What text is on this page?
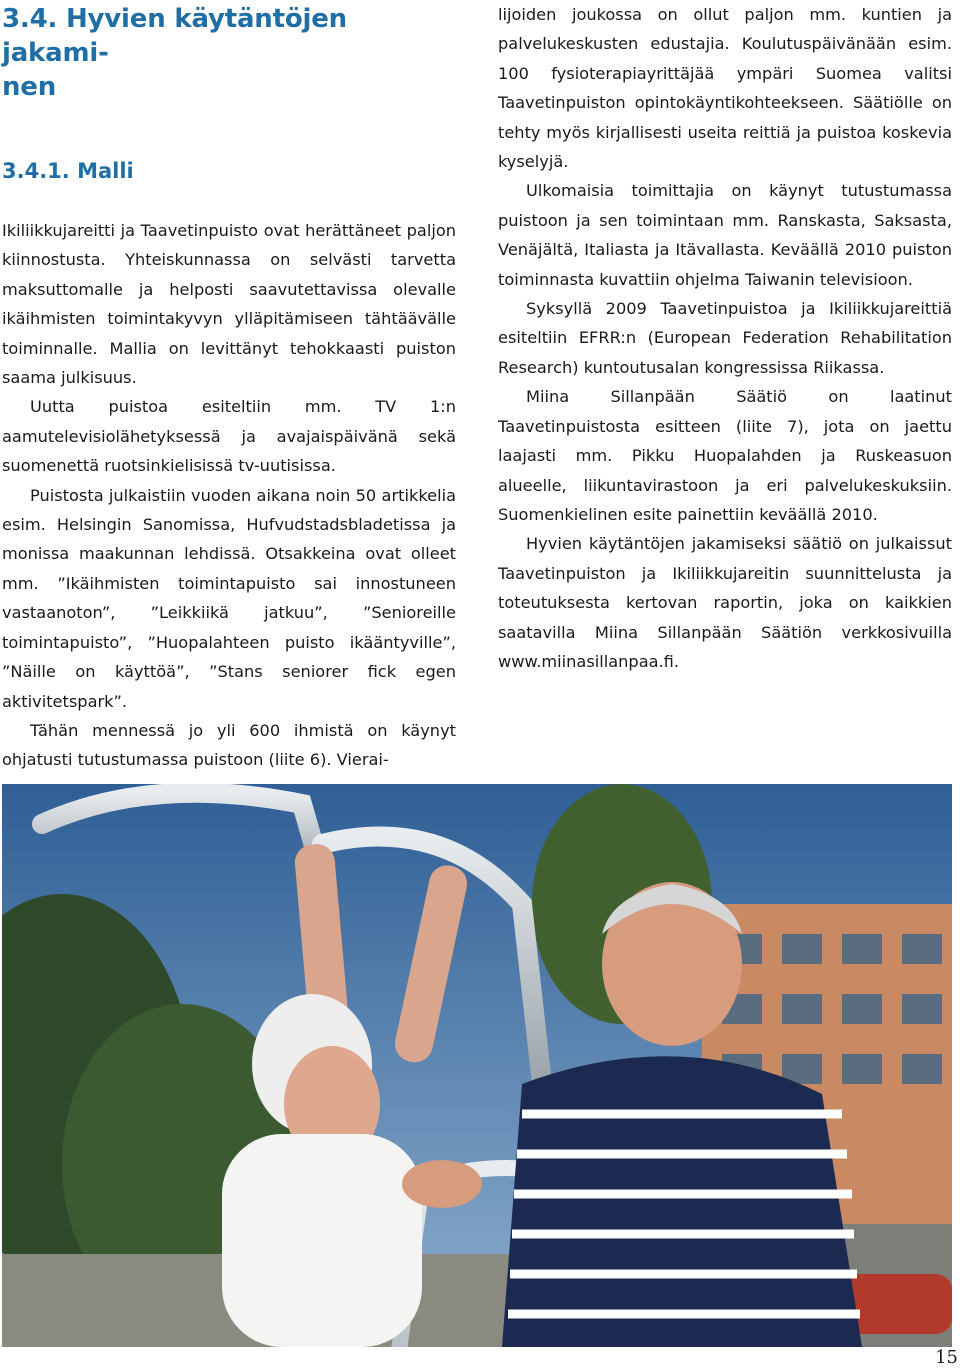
3.4. Hyvien käytäntöjen jakami-
nen
3.4.1. Malli

Ikiliikkujareitti ja Taavetinpuisto ovat herättäneet paljon kiinnostusta. Yhteiskunnassa on selvästi tarvetta maksuttomalle ja helposti saavutettavissa olevalle ikäihmisten toimintakyvyn ylläpitämiseen tähtäävälle toiminnalle. Mallia on levittänyt tehokkaasti puiston saama julkisuus.

Uutta puistoa esiteltiin mm. TV 1:n aamutelevisiolähetyksessä ja avajaispäivänä sekä suomenettä ruotsinkielisissä tv-uutisissa.

Puistosta julkaistiin vuoden aikana noin 50 artikkelia esim. Helsingin Sanomissa, Hufvudstadsbladetissa ja monissa maakunnan lehdissä. Otsakkeina ovat olleet mm. ”Ikäihmisten toimintapuisto sai innostuneen vastaanoton”, ”Leikkiikä jatkuu”, ”Senioreille toimintapuisto”, ”Huopalahteen puisto ikääntyville”, ”Näille on käyttöä”, ”Stans seniorer fick egen aktivitetspark”.

Tähän mennessä jo yli 600 ihmistä on käynyt ohjatusti tutustumassa puistoon (liite 6). Vierai-

lijoiden joukossa on ollut paljon mm. kuntien ja palvelukeskusten edustajia. Koulutuspäivänään esim. 100 fysioterapiayrittäjää ympäri Suomea valitsi Taavetinpuiston opintokäyntikohteekseen. Säätiölle on tehty myös kirjallisesti useita reittiä ja puistoa koskevia kyselyjä.

Ulkomaisia toimittajia on käynyt tutustumassa puistoon ja sen toimintaan mm. Ranskasta, Saksasta, Venäjältä, Italiasta ja Itävallasta. Keväällä 2010 puiston toiminnasta kuvattiin ohjelma Taiwanin televisioon.

Syksyllä 2009 Taavetinpuistoa ja Ikiliikkujareittiä esiteltiin EFRR:n (European Federation Rehabilitation Research) kuntoutusalan kongressissa Riikassa.

Miina Sillanpään Säätiö on laatinut Taavetinpuistosta esitteen (liite 7), jota on jaettu laajasti mm. Pikku Huopalahden ja Ruskeasuon alueelle, liikuntavirastoon ja eri palvelukeskuksiin. Suomenkielinen esite painettiin keväällä 2010.

Hyvien käytäntöjen jakamiseksi säätiö on julkaissut Taavetinpuiston ja Ikiliikkujareitin suunnittelusta ja toteutuksesta kertovan raportin, joka on kaikkien saatavilla Miina Sillanpään Säätiön verkkosivuilla www.miinasillanpaa.fi.

15
